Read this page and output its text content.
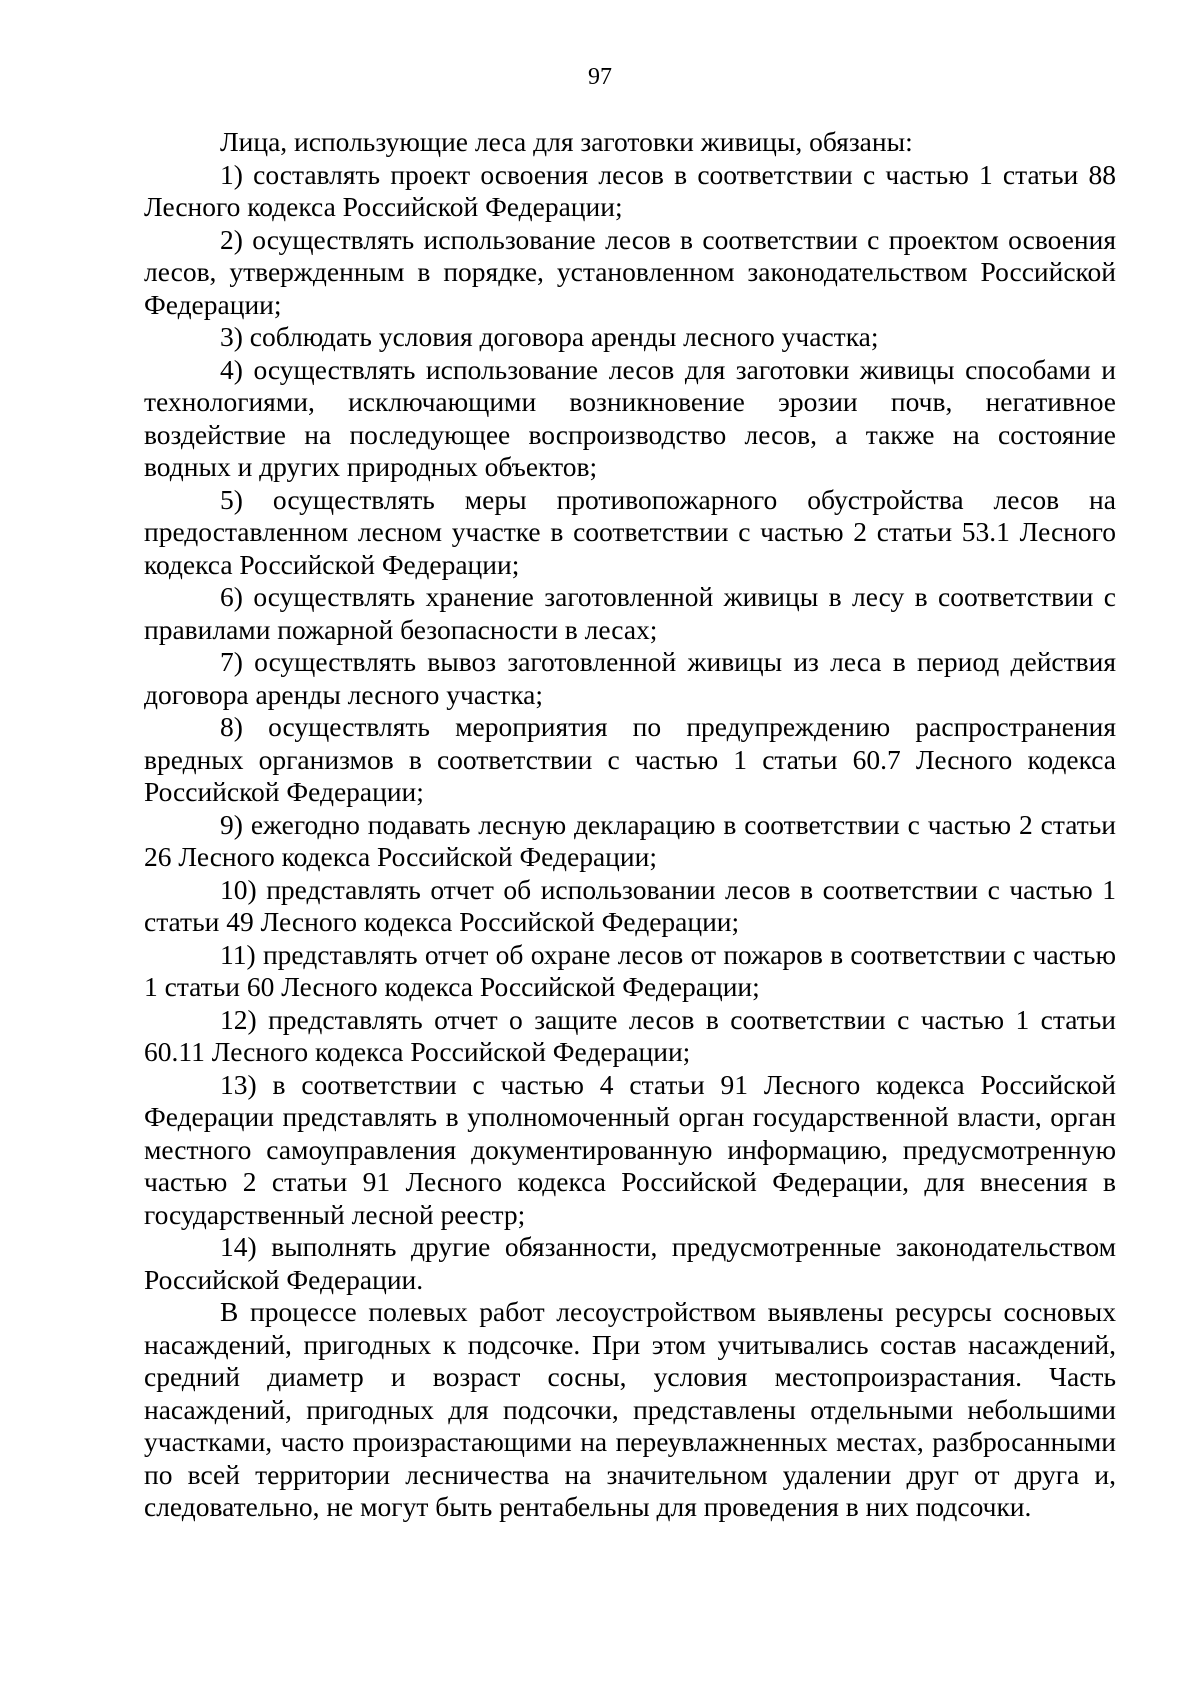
97

Лица, использующие леса для заготовки живицы, обязаны:

1) составлять проект освоения лесов в соответствии с частью 1 статьи 88 Лесного кодекса Российской Федерации;

2) осуществлять использование лесов в соответствии с проектом освоения лесов, утвержденным в порядке, установленном законодательством Российской Федерации;

3) соблюдать условия договора аренды лесного участка;

4) осуществлять использование лесов для заготовки живицы способами и технологиями, исключающими возникновение эрозии почв, негативное воздействие на последующее воспроизводство лесов, а также на состояние водных и других природных объектов;

5) осуществлять меры противопожарного обустройства лесов на предоставленном лесном участке в соответствии с частью 2 статьи 53.1 Лесного кодекса Российской Федерации;

6) осуществлять хранение заготовленной живицы в лесу в соответствии с правилами пожарной безопасности в лесах;

7) осуществлять вывоз заготовленной живицы из леса в период действия договора аренды лесного участка;

8) осуществлять мероприятия по предупреждению распространения вредных организмов в соответствии с частью 1 статьи 60.7 Лесного кодекса Российской Федерации;

9) ежегодно подавать лесную декларацию в соответствии с частью 2 статьи 26 Лесного кодекса Российской Федерации;

10) представлять отчет об использовании лесов в соответствии с частью 1 статьи 49 Лесного кодекса Российской Федерации;

11) представлять отчет об охране лесов от пожаров в соответствии с частью 1 статьи 60 Лесного кодекса Российской Федерации;

12) представлять отчет о защите лесов в соответствии с частью 1 статьи 60.11 Лесного кодекса Российской Федерации;

13) в соответствии с частью 4 статьи 91 Лесного кодекса Российской Федерации представлять в уполномоченный орган государственной власти, орган местного самоуправления документированную информацию, предусмотренную частью 2 статьи 91 Лесного кодекса Российской Федерации, для внесения в государственный лесной реестр;

14) выполнять другие обязанности, предусмотренные законодательством Российской Федерации.

В процессе полевых работ лесоустройством выявлены ресурсы сосновых насаждений, пригодных к подсочке. При этом учитывались состав насаждений, средний диаметр и возраст сосны, условия местопроизрастания. Часть насаждений, пригодных для подсочки, представлены отдельными небольшими участками, часто произрастающими на переувлажненных местах, разбросанными по всей территории лесничества на значительном удалении друг от друга и, следовательно, не могут быть рентабельны для проведения в них подсочки.
